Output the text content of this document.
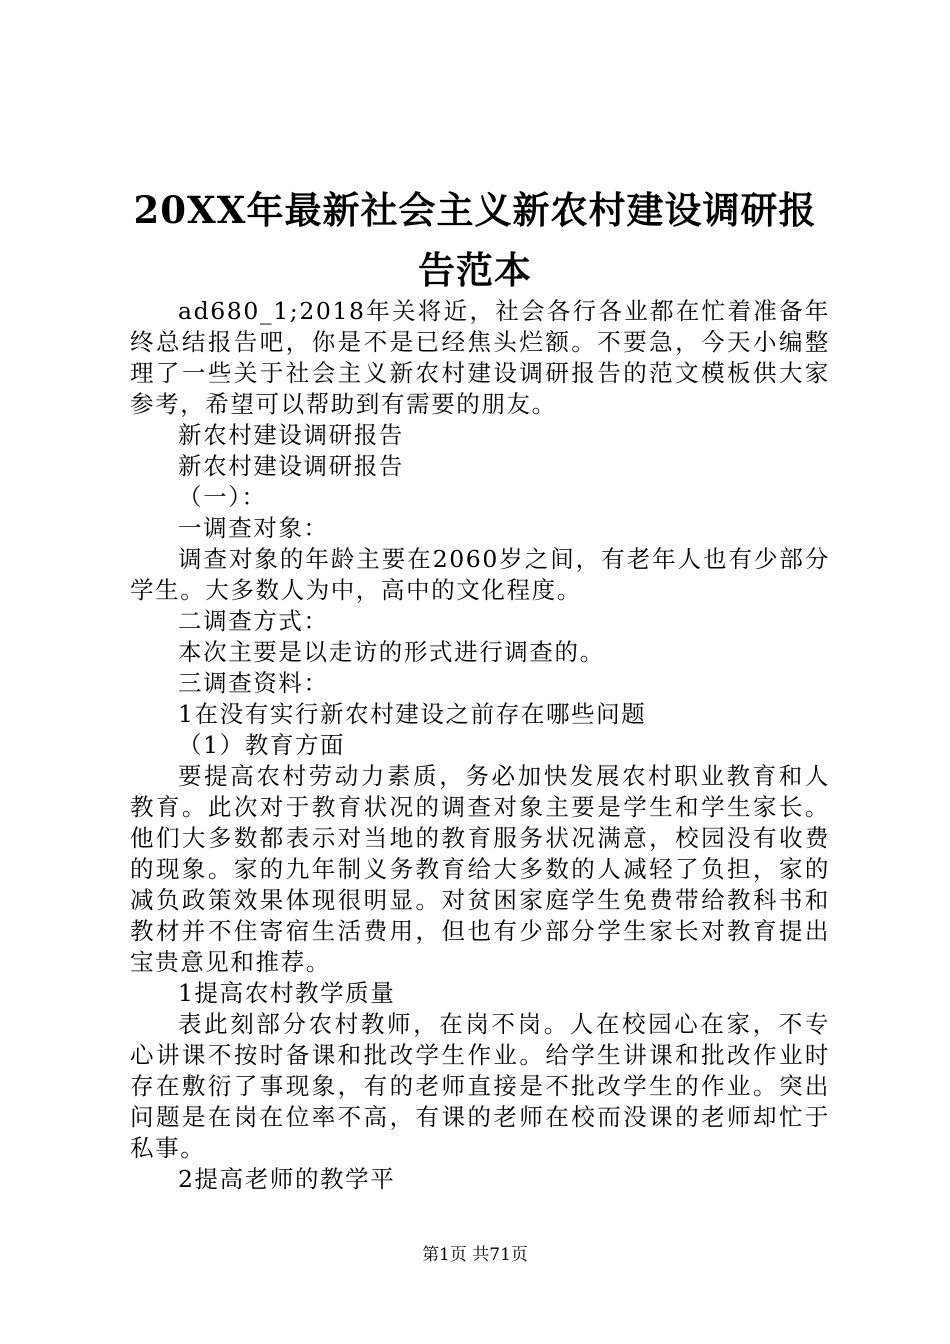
20XX年最新社会主义新农村建设调研报告范本

ad680_1;2018年关将近，社会各行各业都在忙着准备年终总结报告吧，你是不是已经焦头烂额。不要急，今天小编整理了一些关于社会主义新农村建设调研报告的范文模板供大家参考，希望可以帮助到有需要的朋友。

新农村建设调研报告

新农村建设调研报告

（一）：

一调查对象：

调查对象的年龄主要在2060岁之间，有老年人也有少部分学生。大多数人为中，高中的文化程度。

二调查方式：

本次主要是以走访的形式进行调查的。

三调查资料：

1在没有实行新农村建设之前存在哪些问题

（1）教育方面

要提高农村劳动力素质，务必加快发展农村职业教育和人教育。此次对于教育状况的调查对象主要是学生和学生家长。他们大多数都表示对当地的教育服务状况满意，校园没有收费的现象。家的九年制义务教育给大多数的人减轻了负担，家的减负政策效果体现很明显。对贫困家庭学生免费带给教科书和教材并不住寄宿生活费用，但也有少部分学生家长对教育提出宝贵意见和推荐。

1提高农村教学质量

表此刻部分农村教师，在岗不岗。人在校园心在家，不专心讲课不按时备课和批改学生作业。给学生讲课和批改作业时存在敷衍了事现象，有的老师直接是不批改学生的作业。突出问题是在岗在位率不高，有课的老师在校而没课的老师却忙于私事。

2提高老师的教学平

第1页 共71页
